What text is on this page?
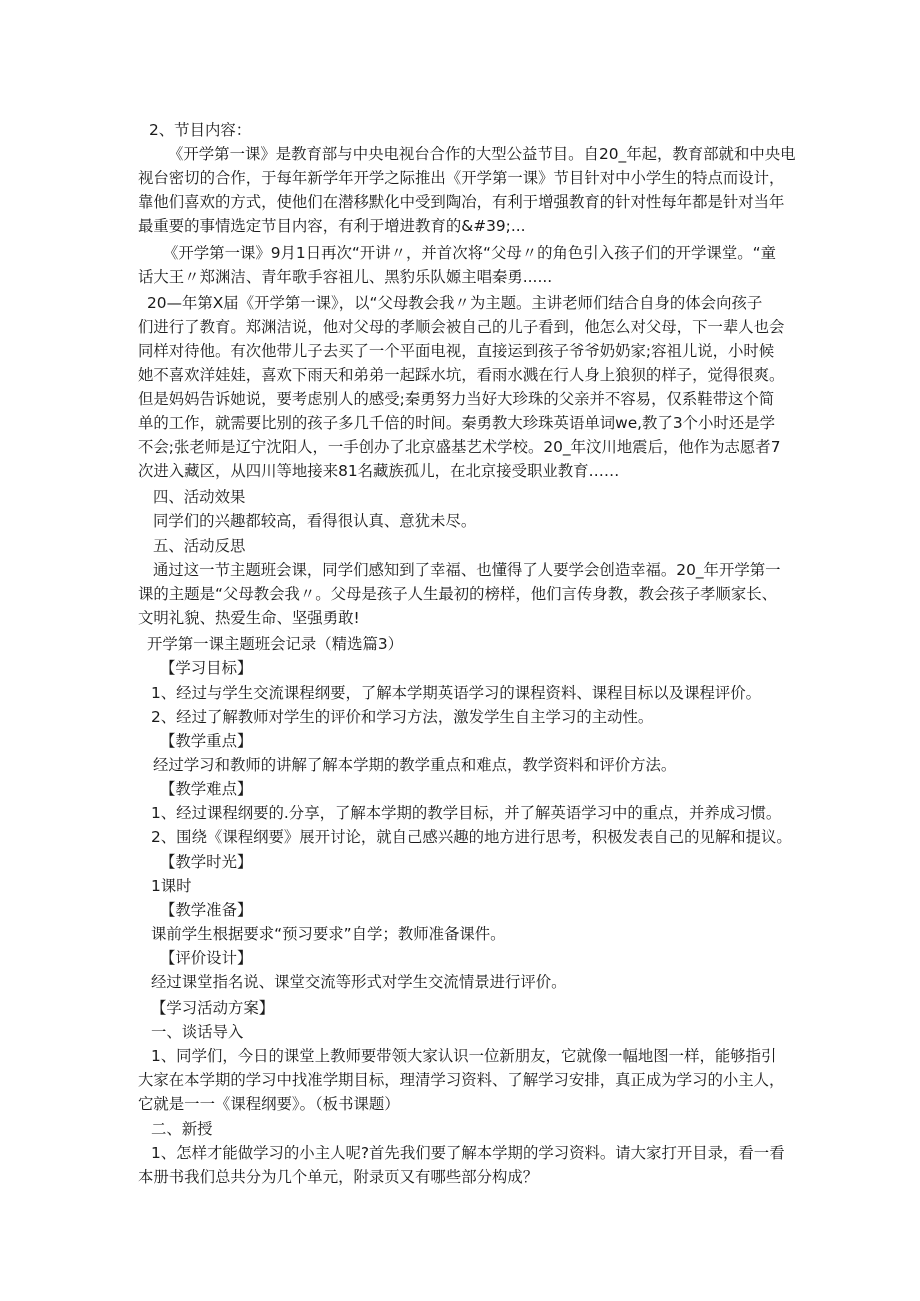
2、节目内容：
《开学第一课》是教育部与中央电视台合作的大型公益节目。自20_年起，教育部就和中央电
视台密切的合作，于每年新学年开学之际推出《开学第一课》节目针对中小学生的特点而设计，
靠他们喜欢的方式，使他们在潜移默化中受到陶冶，有利于增强教育的针对性每年都是针对当年
最重要的事情选定节目内容，有利于增进教育的&#39;...
《开学第一课》9月1日再次“开讲〃，并首次将“父母〃的角色引入孩子们的开学课堂。“童
话大王〃郑渊洁、青年歌手容祖儿、黑豹乐队嫄主唱秦勇......
20—年第X届《开学第一课》，以“父母教会我〃为主题。主讲老师们结合自身的体会向孩子
们进行了教育。郑渊洁说，他对父母的孝顺会被自己的儿子看到，他怎么对父母，下一辈人也会
同样对待他。有次他带儿子去买了一个平面电视，直接运到孩子爷爷奶奶家;容祖儿说，小时候
她不喜欢洋娃娃，喜欢下雨天和弟弟一起踩水坑，看雨水溅在行人身上狼狈的样子，觉得很爽。
但是妈妈告诉她说，要考虑别人的感受;秦勇努力当好大珍珠的父亲并不容易，仅系鞋带这个简
单的工作，就需要比别的孩子多几千倍的时间。秦勇教大珍珠英语单词we,教了3个小时还是学
不会;张老师是辽宁沈阳人，一手创办了北京盛基艺术学校。20_年汶川地震后，他作为志愿者7
次进入藏区，从四川等地接来81名藏族孤儿，在北京接受职业教育……
四、活动效果
同学们的兴趣都较高，看得很认真、意犹未尽。
五、活动反思
通过这一节主题班会课，同学们感知到了幸福、也懂得了人要学会创造幸福。20_年开学第一
课的主题是“父母教会我〃。父母是孩子人生最初的榜样，他们言传身教，教会孩子孝顺家长、
文明礼貌、热爱生命、坚强勇敢!
开学第一课主题班会记录（精选篇3）
【学习目标】
1、经过与学生交流课程纲要，了解本学期英语学习的课程资料、课程目标以及课程评价。
2、经过了解教师对学生的评价和学习方法，激发学生自主学习的主动性。
【教学重点】
经过学习和教师的讲解了解本学期的教学重点和难点，教学资料和评价方法。
【教学难点】
1、经过课程纲要的.分享，了解本学期的教学目标，并了解英语学习中的重点，并养成习惯。
2、围绕《课程纲要》展开讨论，就自己感兴趣的地方进行思考，积极发表自己的见解和提议。
【教学时光】
1课时
【教学准备】
课前学生根据要求“预习要求”自学；教师准备课件。
【评价设计】
经过课堂指名说、课堂交流等形式对学生交流情景进行评价。
【学习活动方案】
一、谈话导入
1、同学们，今日的课堂上教师要带领大家认识一位新朋友，它就像一幅地图一样，能够指引
大家在本学期的学习中找准学期目标，理清学习资料、了解学习安排，真正成为学习的小主人，
它就是一一《课程纲要》。（板书课题）
二、新授
1、怎样才能做学习的小主人呢?首先我们要了解本学期的学习资料。请大家打开目录，看一看
本册书我们总共分为几个单元，附录页又有哪些部分构成？
